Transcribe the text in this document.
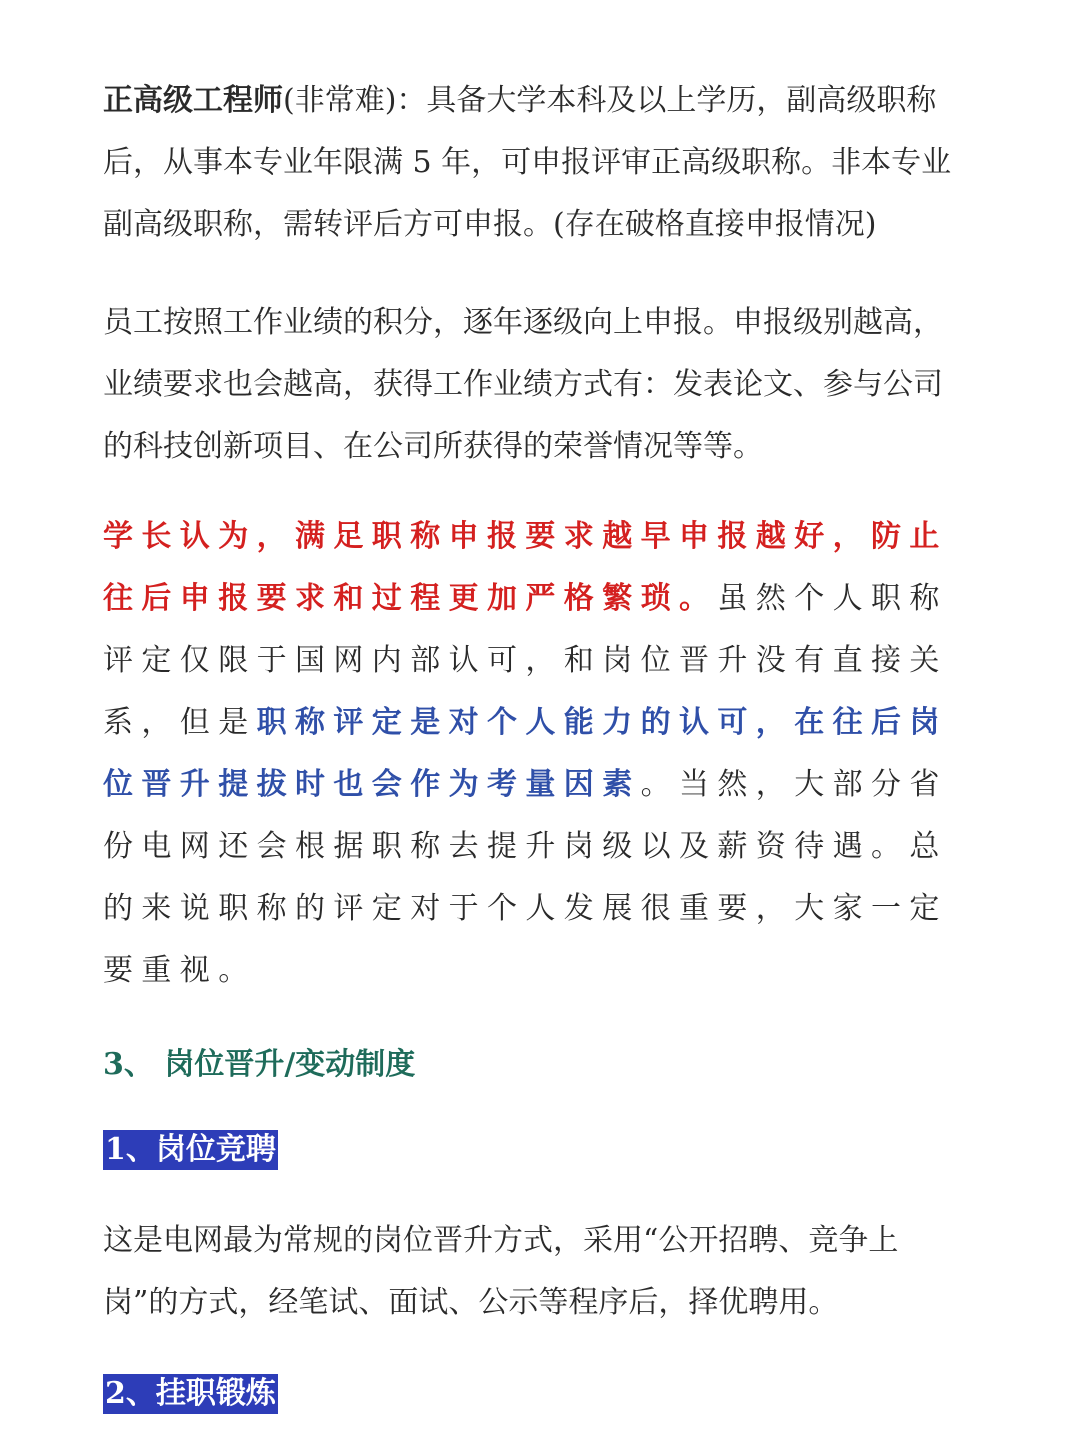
正高级工程师(非常难)：具备大学本科及以上学历，副高级职称后，从事本专业年限满 5 年，可申报评审正高级职称。非本专业副高级职称，需转评后方可申报。(存在破格直接申报情况)

员工按照工作业绩的积分，逐年逐级向上申报。申报级别越高，业绩要求也会越高，获得工作业绩方式有：发表论文、参与公司的科技创新项目、在公司所获得的荣誉情况等等。

学长认为，满足职称申报要求越早申报越好，防止往后申报要求和过程更加严格繁琐。虽然个人职称评定仅限于国网内部认可，和岗位晋升没有直接关系，但是职称评定是对个人能力的认可，在往后岗位晋升提拔时也会作为考量因素。当然，大部分省份电网还会根据职称去提升岗级以及薪资待遇。总的来说职称的评定对于个人发展很重要，大家一定要重视。

3、 岗位晋升/变动制度

1、岗位竞聘

这是电网最为常规的岗位晋升方式，采用“公开招聘、竞争上岗”的方式，经笔试、面试、公示等程序后，择优聘用。

2、挂职锻炼
